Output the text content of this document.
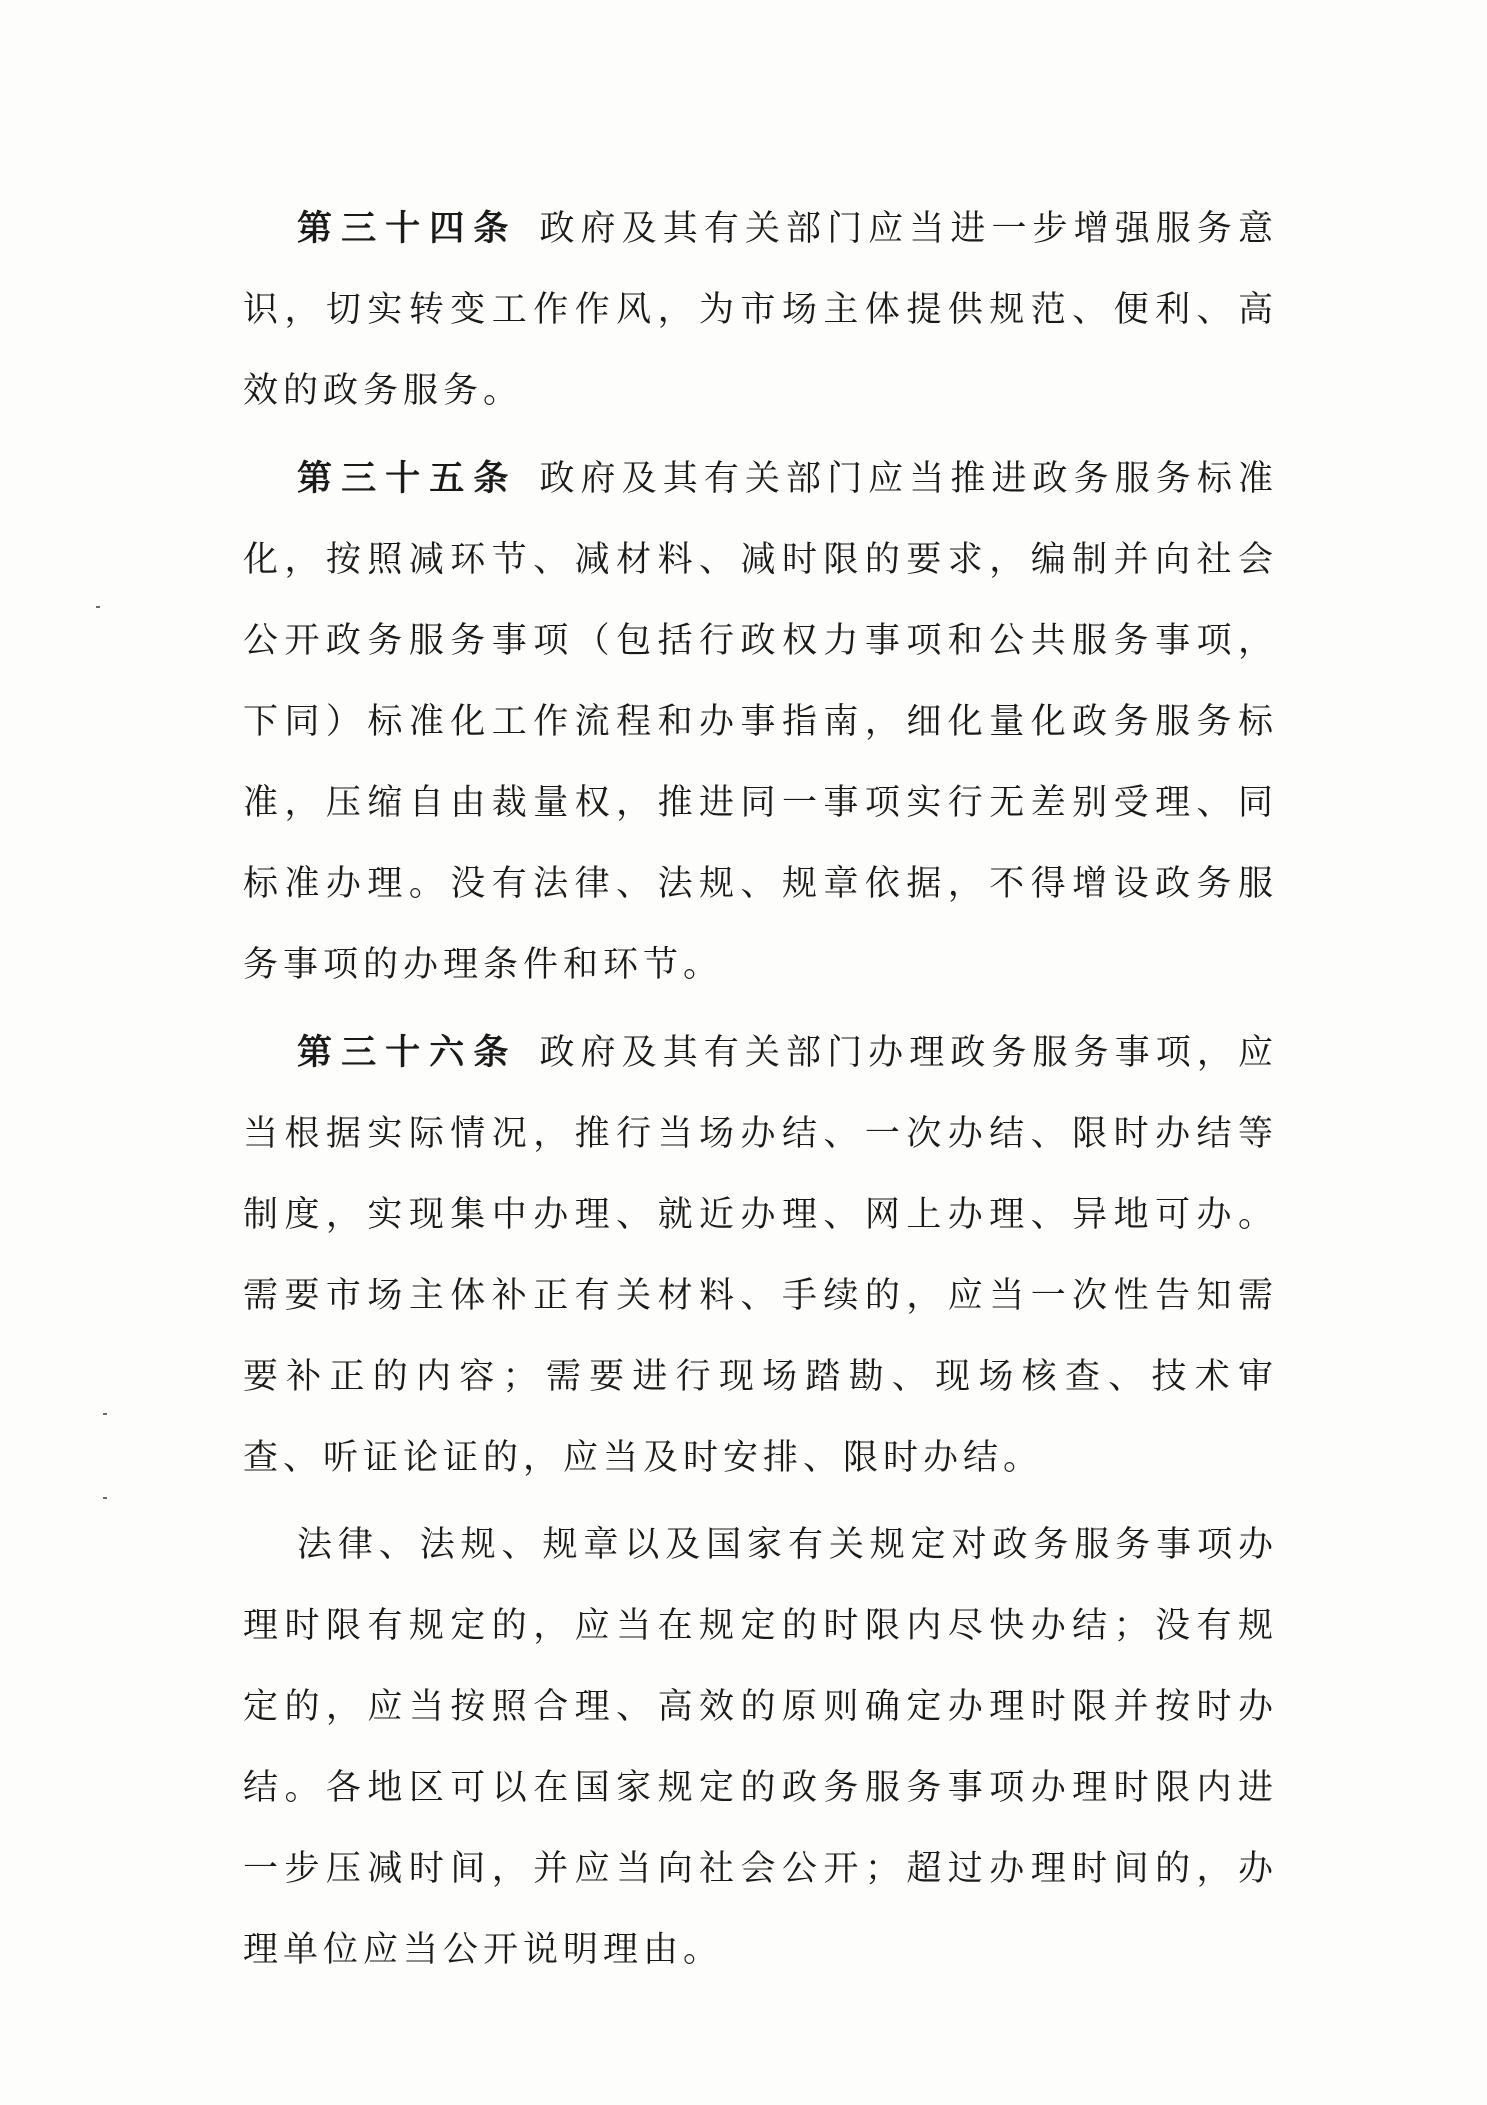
第三十四条 政府及其有关部门应当进一步增强服务意识，切实转变工作作风，为市场主体提供规范、便利、高效的政务服务。

第三十五条 政府及其有关部门应当推进政务服务标准化，按照减环节、减材料、减时限的要求，编制并向社会公开政务服务事项（包括行政权力事项和公共服务事项，下同）标准化工作流程和办事指南，细化量化政务服务标准，压缩自由裁量权，推进同一事项实行无差别受理、同标准办理。没有法律、法规、规章依据，不得增设政务服务事项的办理条件和环节。

第三十六条 政府及其有关部门办理政务服务事项，应当根据实际情况，推行当场办结、一次办结、限时办结等制度，实现集中办理、就近办理、网上办理、异地可办。需要市场主体补正有关材料、手续的，应当一次性告知需要补正的内容；需要进行现场踏勘、现场核查、技术审查、听证论证的，应当及时安排、限时办结。

法律、法规、规章以及国家有关规定对政务服务事项办理时限有规定的，应当在规定的时限内尽快办结；没有规定的，应当按照合理、高效的原则确定办理时限并按时办结。各地区可以在国家规定的政务服务事项办理时限内进一步压减时间，并应当向社会公开；超过办理时间的，办理单位应当公开说明理由。
